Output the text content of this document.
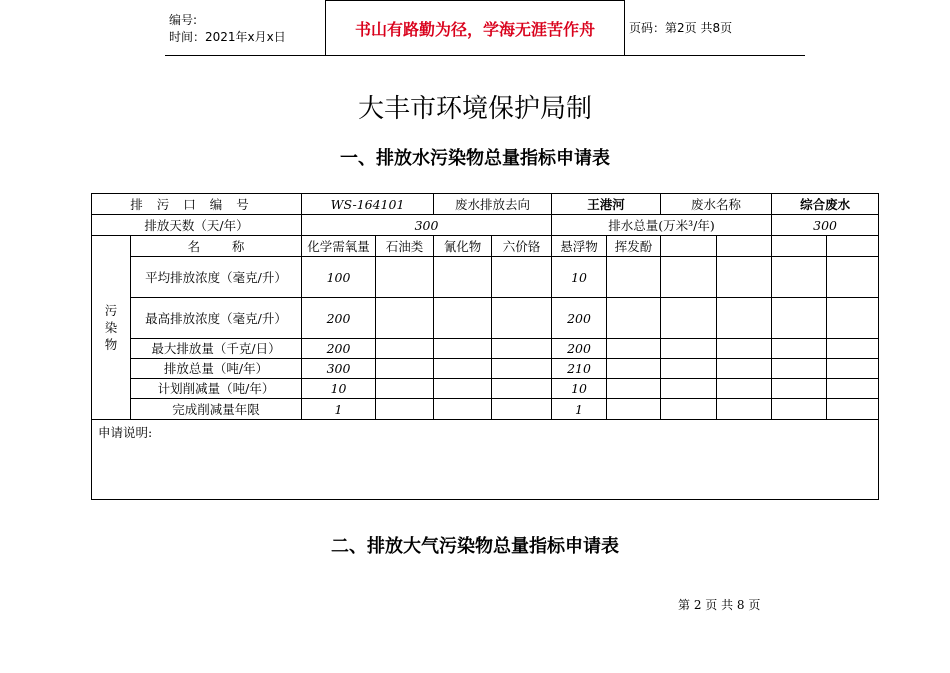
编号:
时间：2021年x月x日	书山有路勤为径，学海无涯苦作舟	页码：第2页 共8页
大丰市环境保护局制
一、排放水污染物总量指标申请表
排污口编号		WS-164101		废水排放去向		王港河		废水名称		综合废水	
排放天数（天/年）		300				排水总量(万米³/年)				300	
污
染
物	名        称	化学需氧量	石油类	氰化物	六价铬	悬浮物	挥发酚				
	平均排放浓度（毫克/升）	100				10					
	最高排放浓度（毫克/升）	200				200					
	最大排放量（千克/日）	200				200					
	排放总量（吨/年）	300				210					
	计划削减量（吨/年）	10				10					
	完成削减量年限	1				1					
申请说明:											
二、排放大气污染物总量指标申请表
第 2 页 共 8 页
